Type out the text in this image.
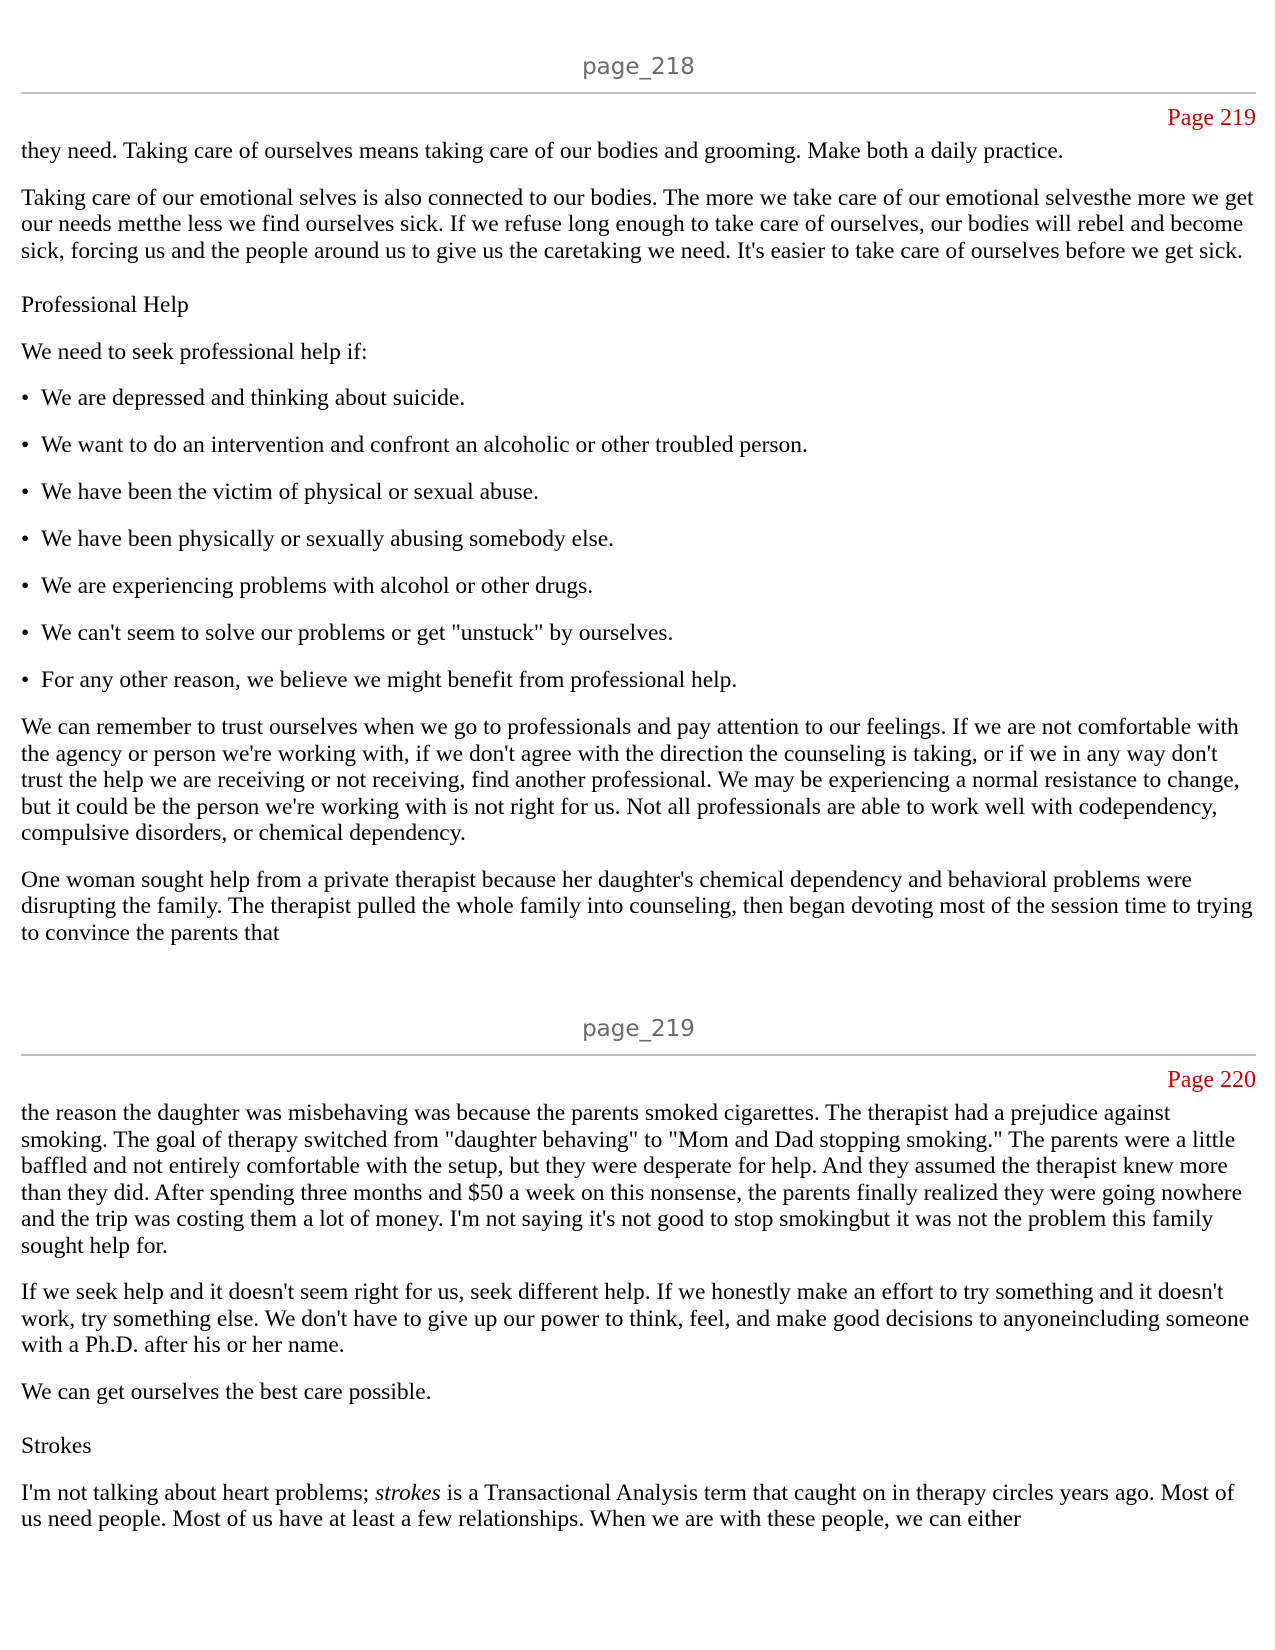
page_218
Page 219

they need. Taking care of ourselves means taking care of our bodies and grooming. Make both a daily practice.

Taking care of our emotional selves is also connected to our bodies. The more we take care of our emotional selvesthe more we get our needs metthe less we find ourselves sick. If we refuse long enough to take care of ourselves, our bodies will rebel and become sick, forcing us and the people around us to give us the caretaking we need. It's easier to take care of ourselves before we get sick.

Professional Help

We need to seek professional help if:

• We are depressed and thinking about suicide.
• We want to do an intervention and confront an alcoholic or other troubled person.
• We have been the victim of physical or sexual abuse.
• We have been physically or sexually abusing somebody else.
• We are experiencing problems with alcohol or other drugs.
• We can't seem to solve our problems or get "unstuck" by ourselves.
• For any other reason, we believe we might benefit from professional help.

We can remember to trust ourselves when we go to professionals and pay attention to our feelings. If we are not comfortable with the agency or person we're working with, if we don't agree with the direction the counseling is taking, or if we in any way don't trust the help we are receiving or not receiving, find another professional. We may be experiencing a normal resistance to change, but it could be the person we're working with is not right for us. Not all professionals are able to work well with codependency, compulsive disorders, or chemical dependency.

One woman sought help from a private therapist because her daughter's chemical dependency and behavioral problems were disrupting the family. The therapist pulled the whole family into counseling, then began devoting most of the session time to trying to convince the parents that

page_219
Page 220

the reason the daughter was misbehaving was because the parents smoked cigarettes. The therapist had a prejudice against smoking. The goal of therapy switched from "daughter behaving" to "Mom and Dad stopping smoking." The parents were a little baffled and not entirely comfortable with the setup, but they were desperate for help. And they assumed the therapist knew more than they did. After spending three months and $50 a week on this nonsense, the parents finally realized they were going nowhere and the trip was costing them a lot of money. I'm not saying it's not good to stop smokingbut it was not the problem this family sought help for.

If we seek help and it doesn't seem right for us, seek different help. If we honestly make an effort to try something and it doesn't work, try something else. We don't have to give up our power to think, feel, and make good decisions to anyoneincluding someone with a Ph.D. after his or her name.

We can get ourselves the best care possible.

Strokes

I'm not talking about heart problems; strokes is a Transactional Analysis term that caught on in therapy circles years ago. Most of us need people. Most of us have at least a few relationships. When we are with these people, we can either
